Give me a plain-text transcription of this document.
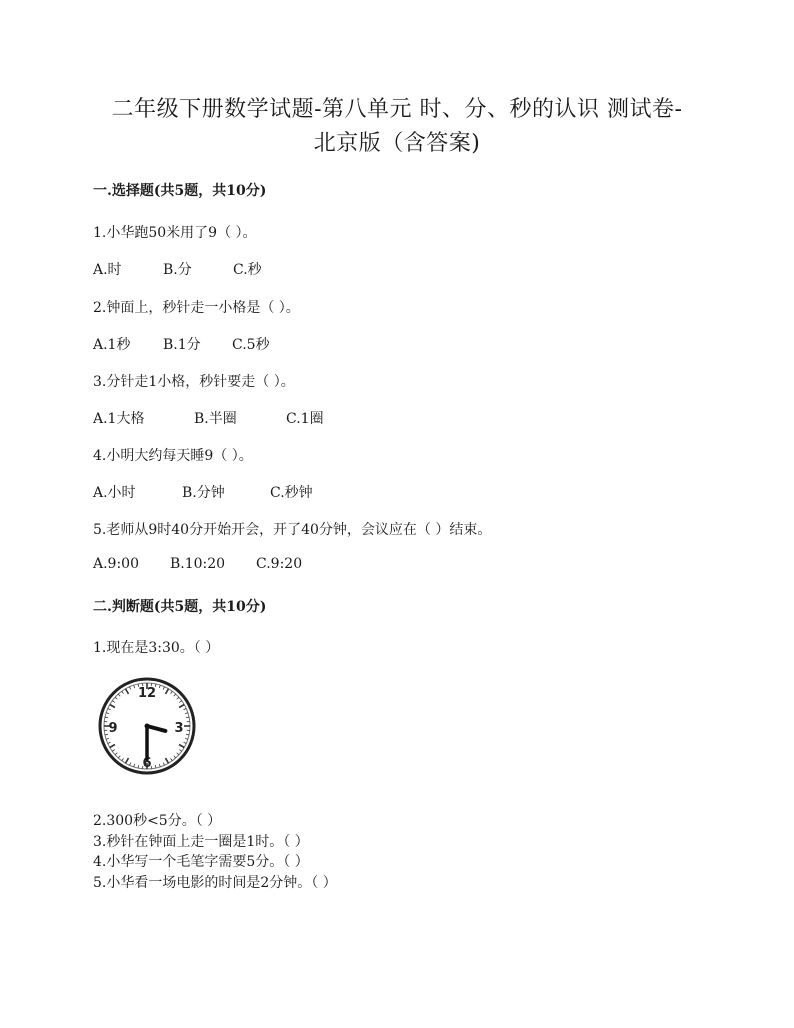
二年级下册数学试题-第八单元 时、分、秒的认识 测试卷-
北京版（含答案)
一.选择题(共5题，共10分)
1.小华跑50米用了9（ ）。
A.时	B.分	C.秒
2.钟面上，秒针走一小格是（ ）。
A.1秒 B.1分 C.5秒
3.分针走1小格，秒针要走（ ）。
A.1大格	B.半圈	C.1圈
4.小明大约每天睡9（ ）。
A.小时	B.分钟	C.秒钟
5.老师从9时40分开始开会，开了40分钟，会议应在（ ）结束。
A.9:00 B.10:20 C.9:20
二.判断题(共5题，共10分)
1.现在是3:30。（ ）
12
3
6
9
2.300秒<5分。（ ）
3.秒针在钟面上走一圈是1时。（ ）
4.小华写一个毛笔字需要5分。（ ）
5.小华看一场电影的时间是2分钟。（ ）
